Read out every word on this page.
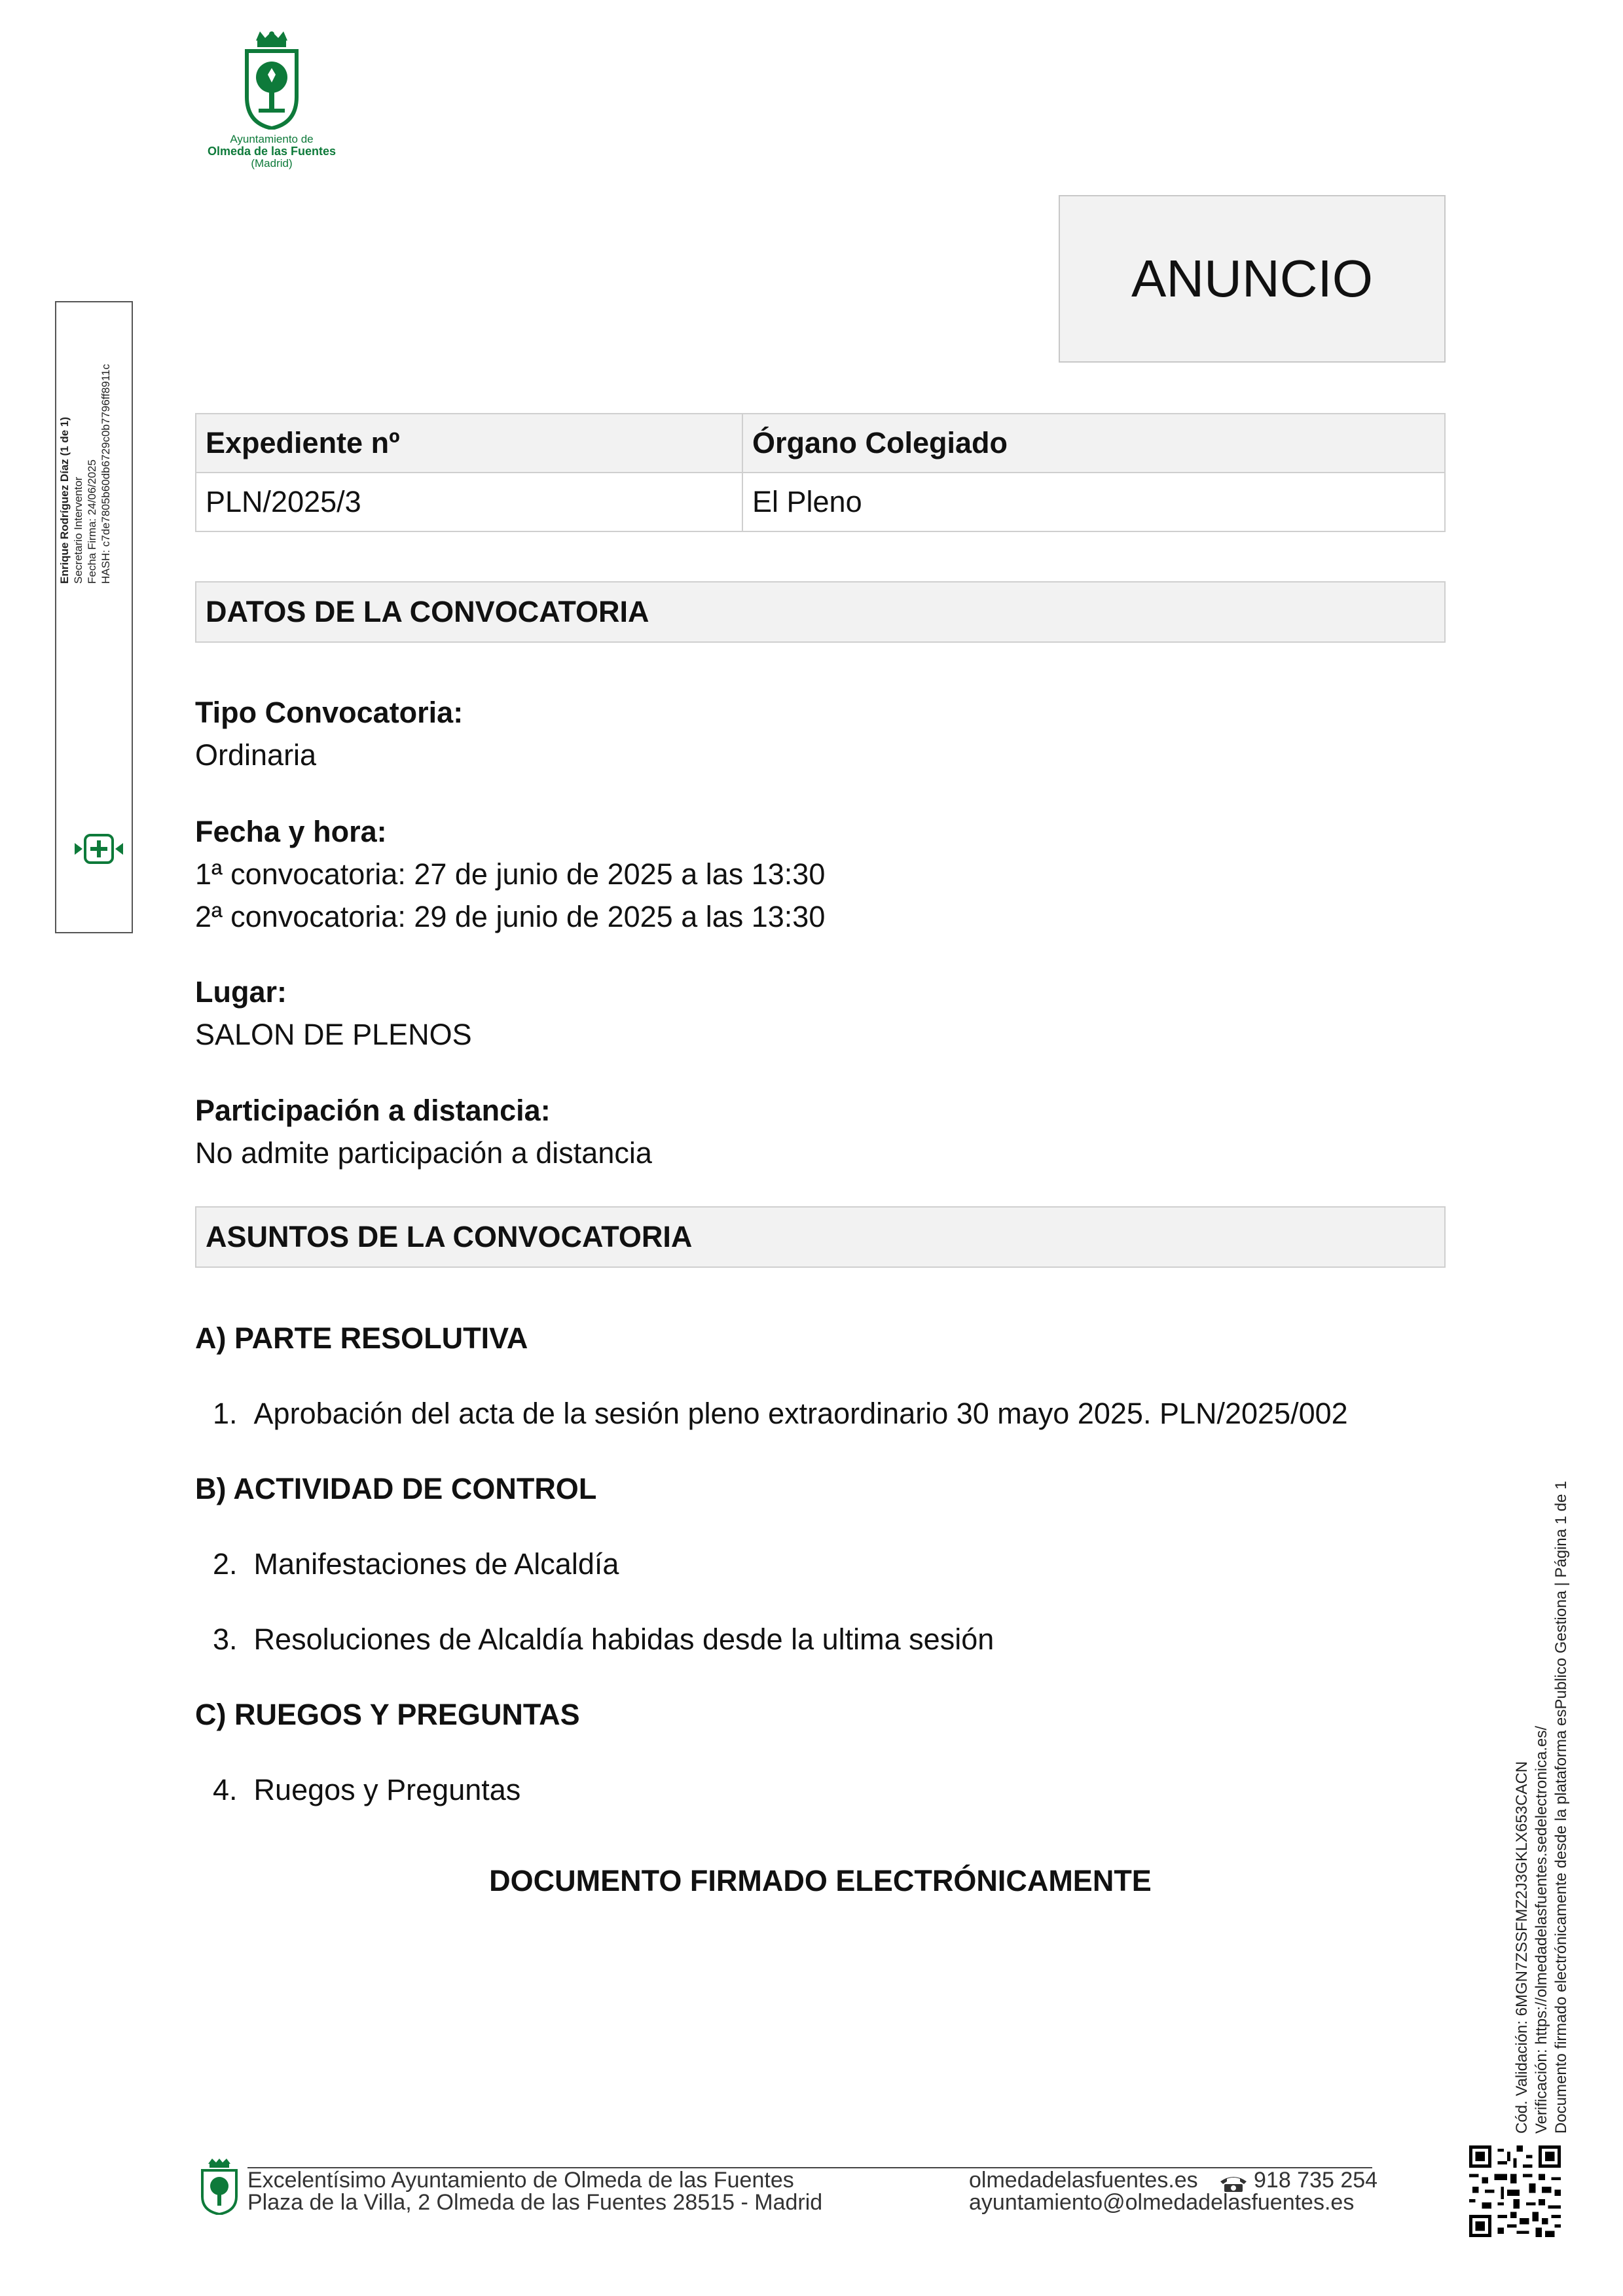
Ayuntamiento de
Olmeda de las Fuentes
(Madrid)
Enrique Rodríguez Díaz (1 de 1) Secretario Interventor Fecha Firma: 24/06/2025 HASH: c7de7805b60db6729c0b7796ff8911c
ANUNCIO
Expediente nº	Órgano Colegiado
PLN/2025/3	El Pleno
DATOS DE LA CONVOCATORIA
Tipo Convocatoria:
Ordinaria
Fecha y hora:
1ª convocatoria: 27 de junio de 2025 a las 13:30
2ª convocatoria: 29 de junio de 2025 a las 13:30
Lugar:
SALON DE PLENOS
Participación a distancia:
No admite participación a distancia
ASUNTOS DE LA CONVOCATORIA
A) PARTE RESOLUTIVA
1. Aprobación del acta de la sesión pleno extraordinario 30 mayo 2025. PLN/2025/002
B) ACTIVIDAD DE CONTROL
2. Manifestaciones de Alcaldía
3. Resoluciones de Alcaldía habidas desde la ultima sesión
C) RUEGOS Y PREGUNTAS
4. Ruegos y Preguntas
DOCUMENTO FIRMADO ELECTRÓNICAMENTE	Cód. Validación: 6MGN7ZSSFMZ2J3GKLX653CACN Verificación: https://olmedadelasfuentes.sedelectronica.es/ Documento firmado electrónicamente desde la plataforma esPublico Gestiona | Página 1 de 1
Excelentísimo Ayuntamiento de Olmeda de las Fuentes
Plaza de la Villa, 2 Olmeda de las Fuentes 28515 - Madrid
olmedadelasfuentes.es	918 735 254
ayuntamiento@olmedadelasfuentes.es
